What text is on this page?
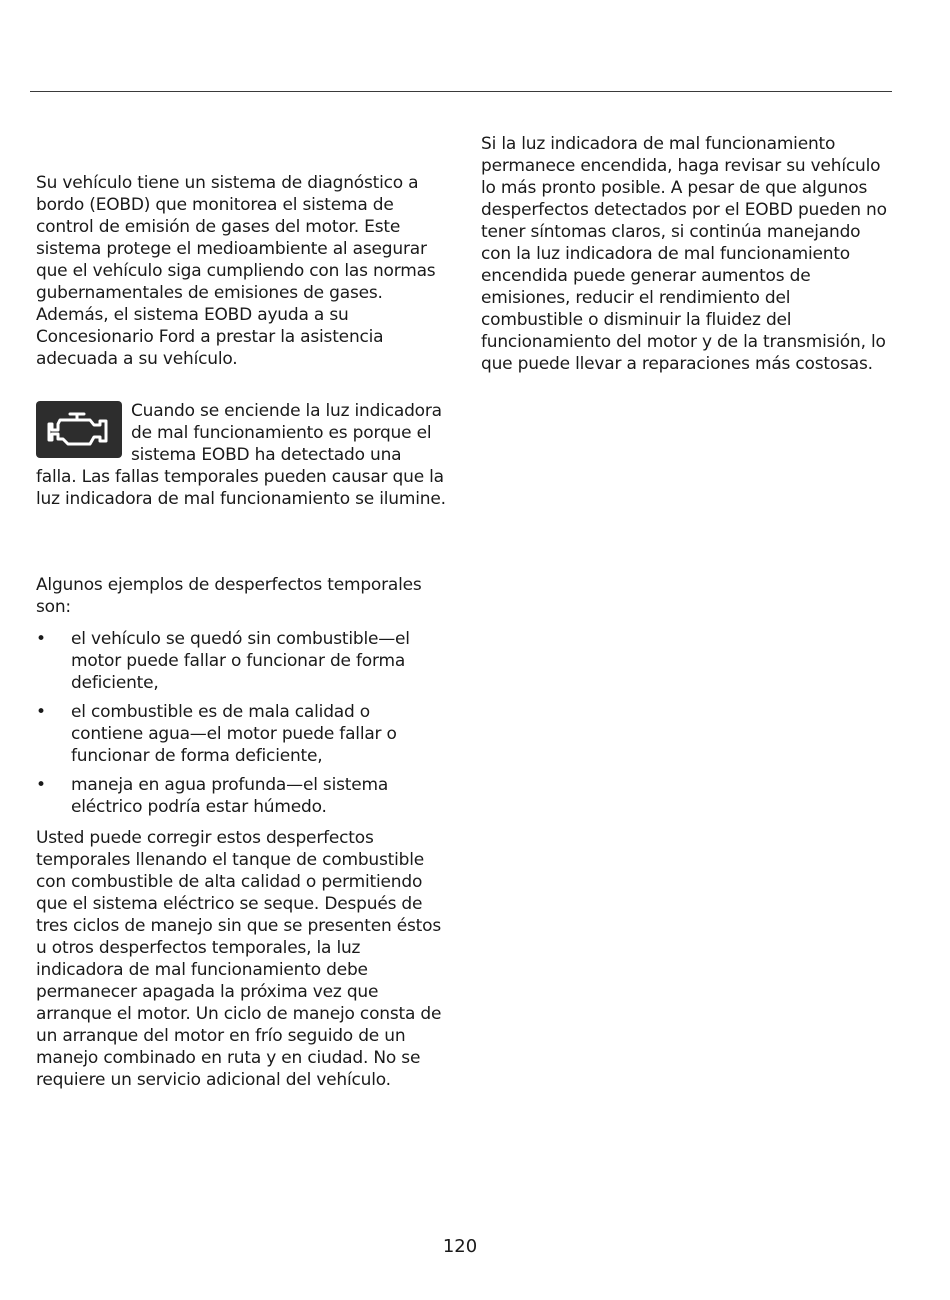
Su vehículo tiene un sistema de diagnóstico a bordo (EOBD) que monitorea el sistema de control de emisión de gases del motor. Este sistema protege el medioambiente al asegurar que el vehículo siga cumpliendo con las normas gubernamentales de emisiones de gases. Además, el sistema EOBD ayuda a su Concesionario Ford a prestar la asistencia adecuada a su vehículo.

Cuando se enciende la luz indicadora de mal funcionamiento es porque el sistema EOBD ha detectado una falla. Las fallas temporales pueden causar que la luz indicadora de mal funcionamiento se ilumine.

Algunos ejemplos de desperfectos temporales son:

• el vehículo se quedó sin combustible—el motor puede fallar o funcionar de forma deficiente,
• el combustible es de mala calidad o contiene agua—el motor puede fallar o funcionar de forma deficiente,
• maneja en agua profunda—el sistema eléctrico podría estar húmedo.

Usted puede corregir estos desperfectos temporales llenando el tanque de combustible con combustible de alta calidad o permitiendo que el sistema eléctrico se seque. Después de tres ciclos de manejo sin que se presenten éstos u otros desperfectos temporales, la luz indicadora de mal funcionamiento debe permanecer apagada la próxima vez que arranque el motor. Un ciclo de manejo consta de un arranque del motor en frío seguido de un manejo combinado en ruta y en ciudad. No se requiere un servicio adicional del vehículo.

Si la luz indicadora de mal funcionamiento permanece encendida, haga revisar su vehículo lo más pronto posible. A pesar de que algunos desperfectos detectados por el EOBD pueden no tener síntomas claros, si continúa manejando con la luz indicadora de mal funcionamiento encendida puede generar aumentos de emisiones, reducir el rendimiento del combustible o disminuir la fluidez del funcionamiento del motor y de la transmisión, lo que puede llevar a reparaciones más costosas.

120
